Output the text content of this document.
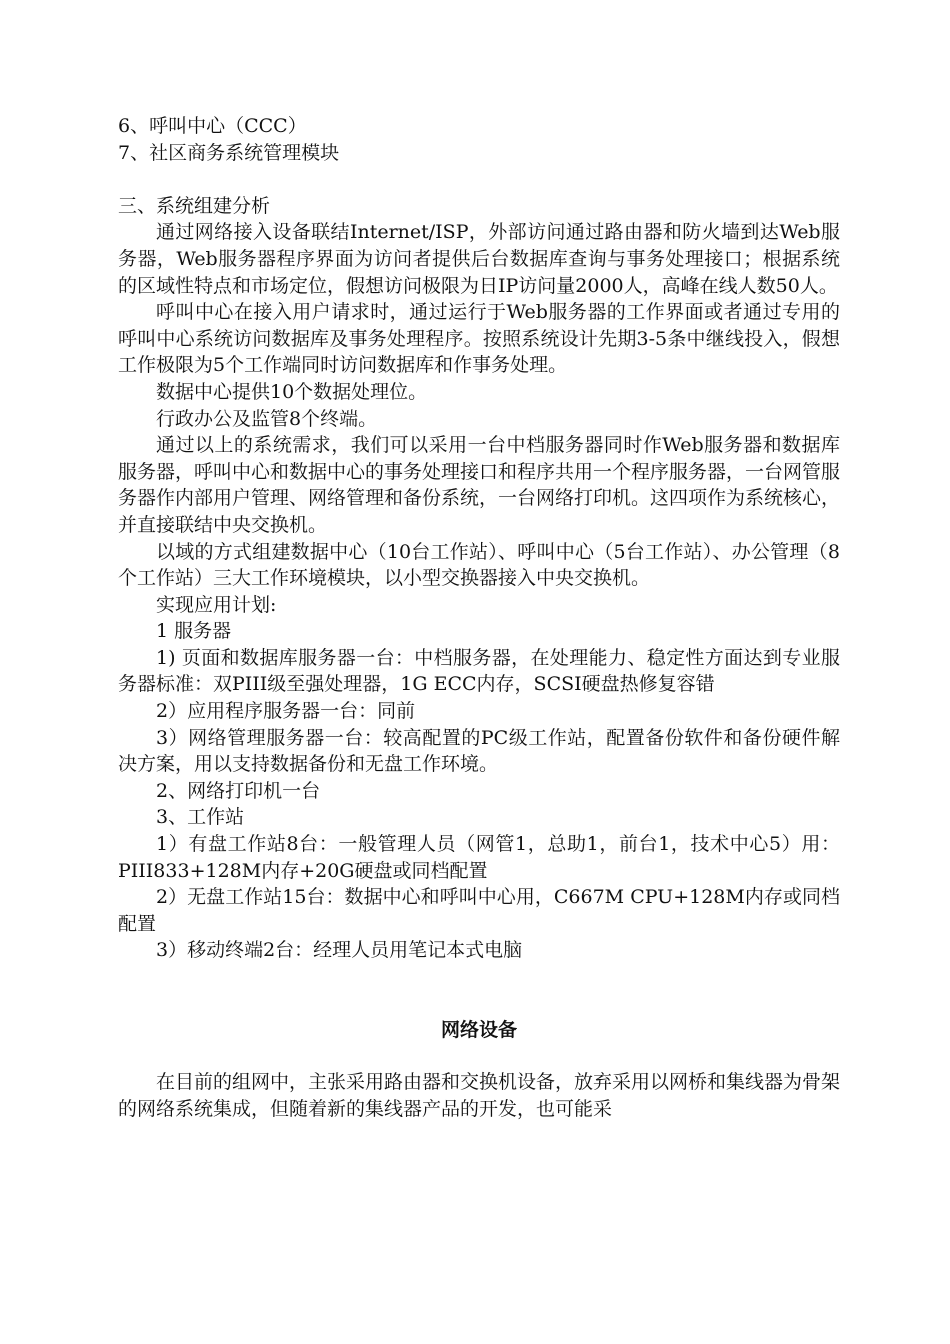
6、呼叫中心（CCC）
7、社区商务系统管理模块
三、系统组建分析
通过网络接入设备联结Internet/ISP，外部访问通过路由器和防火墙到达Web服务器，Web服务器程序界面为访问者提供后台数据库查询与事务处理接口；根据系统的区域性特点和市场定位，假想访问极限为日IP访问量2000人，高峰在线人数50人。
呼叫中心在接入用户请求时，通过运行于Web服务器的工作界面或者通过专用的呼叫中心系统访问数据库及事务处理程序。按照系统设计先期3-5条中继线投入，假想工作极限为5个工作端同时访问数据库和作事务处理。
数据中心提供10个数据处理位。
行政办公及监管8个终端。
通过以上的系统需求，我们可以采用一台中档服务器同时作Web服务器和数据库服务器，呼叫中心和数据中心的事务处理接口和程序共用一个程序服务器，一台网管服务器作内部用户管理、网络管理和备份系统，一台网络打印机。这四项作为系统核心，并直接联结中央交换机。
以域的方式组建数据中心（10台工作站）、呼叫中心（5台工作站）、办公管理（8个工作站）三大工作环境模块，以小型交换器接入中央交换机。
实现应用计划:
1 服务器
1) 页面和数据库服务器一台：中档服务器，在处理能力、稳定性方面达到专业服务器标准：双PIII级至强处理器，1G ECC内存，SCSI硬盘热修复容错
2）应用程序服务器一台：同前
3）网络管理服务器一台：较高配置的PC级工作站，配置备份软件和备份硬件解决方案，用以支持数据备份和无盘工作环境。
2、网络打印机一台
3、工作站
1）有盘工作站8台：一般管理人员（网管1，总助1，前台1，技术中心5）用：PIII833+128M内存+20G硬盘或同档配置
2）无盘工作站15台：数据中心和呼叫中心用，C667M CPU+128M内存或同档配置
3）移动终端2台：经理人员用笔记本式电脑
网络设备
在目前的组网中，主张采用路由器和交换机设备，放弃采用以网桥和集线器为骨架的网络系统集成，但随着新的集线器产品的开发，也可能采
